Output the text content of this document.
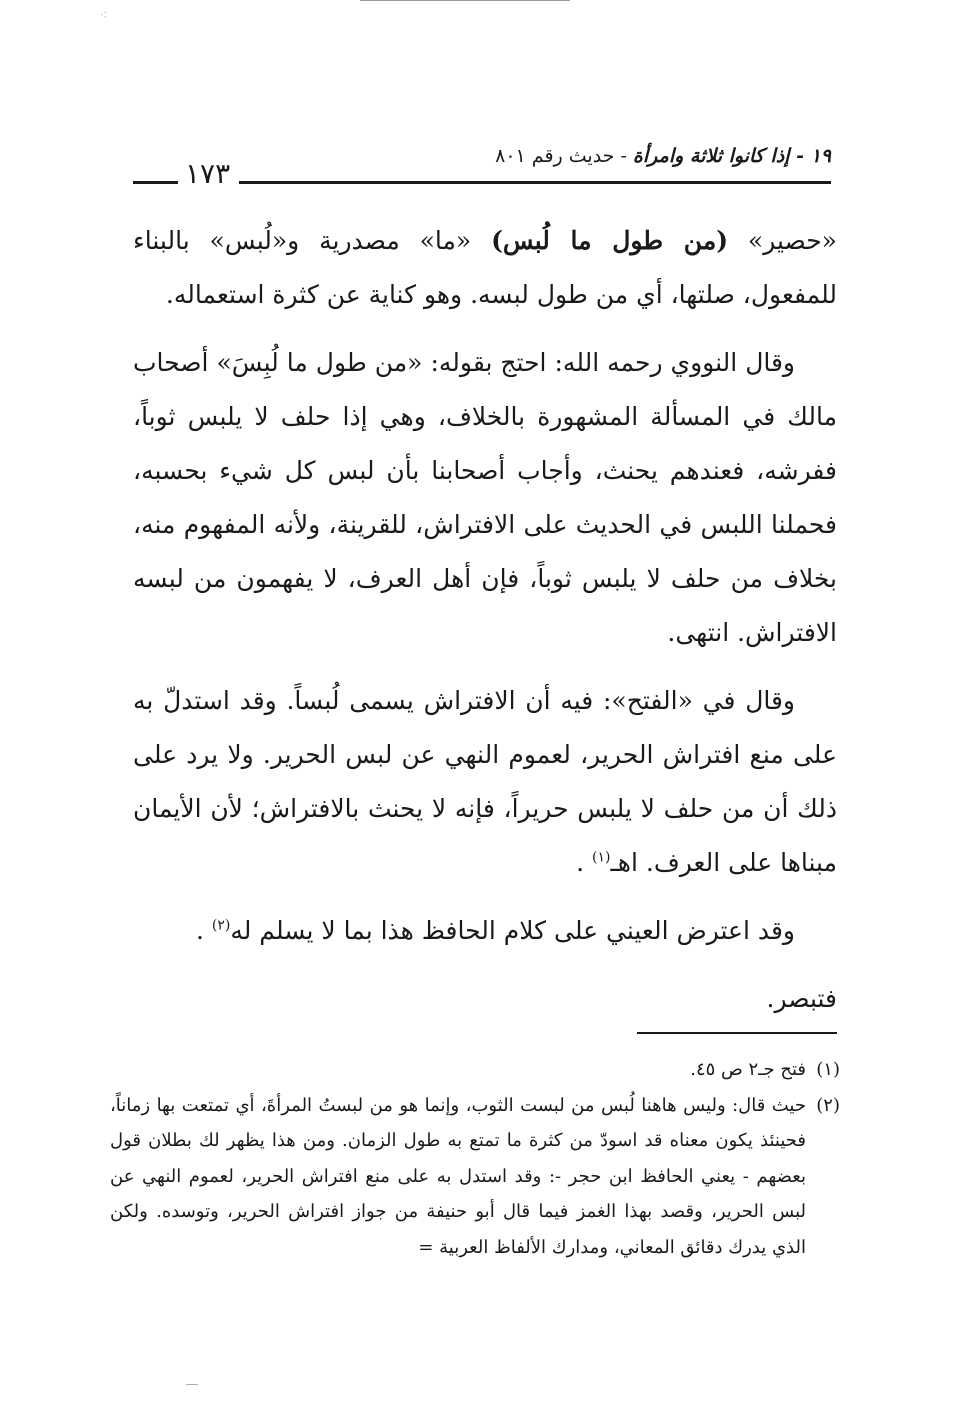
⁖
١٩ - إذا كانوا ثلاثة وامرأة - حديث رقم ٨٠١
١٧٣

«حصير» (من طول ما لُبس) «ما» مصدرية و«لُبس» بالبناء للمفعول، صلتها، أي من طول لبسه. وهو كناية عن كثرة استعماله.

وقال النووي رحمه الله: احتج بقوله: «من طول ما لُبِسَ» أصحاب مالك في المسألة المشهورة بالخلاف، وهي إذا حلف لا يلبس ثوباً، ففرشه، فعندهم يحنث، وأجاب أصحابنا بأن لبس كل شيء بحسبه، فحملنا اللبس في الحديث على الافتراش، للقرينة، ولأنه المفهوم منه، بخلاف من حلف لا يلبس ثوباً، فإن أهل العرف، لا يفهمون من لبسه الافتراش. انتهى.

وقال في «الفتح»: فيه أن الافتراش يسمى لُبساً. وقد استدلّ به على منع افتراش الحرير، لعموم النهي عن لبس الحرير. ولا يرد على ذلك أن من حلف لا يلبس حريراً، فإنه لا يحنث بالافتراش؛ لأن الأيمان مبناها على العرف. اهـ$^{(١)}$ .

وقد اعترض العيني على كلام الحافظ هذا بما لا يسلم له$^{(٢)}$ .

فتبصر.

(١)
فتح جـ٢ ص ٤٥.
(٢)
حيث قال: وليس هاهنا لُبس من لبست الثوب، وإنما هو من لبستُ المرأةَ، أي تمتعت بها زماناً، فحينئذ يكون معناه قد اسودّ من كثرة ما تمتع به طول الزمان. ومن هذا يظهر لك بطلان قول بعضهم - يعني الحافظ ابن حجر -: وقد استدل به على منع افتراش الحرير، لعموم النهي عن لبس الحرير، وقصد بهذا الغمز فيما قال أبو حنيفة من جواز افتراش الحرير، وتوسده. ولكن الذي يدرك دقائق المعاني، ومدارك الألفاظ العربية =
